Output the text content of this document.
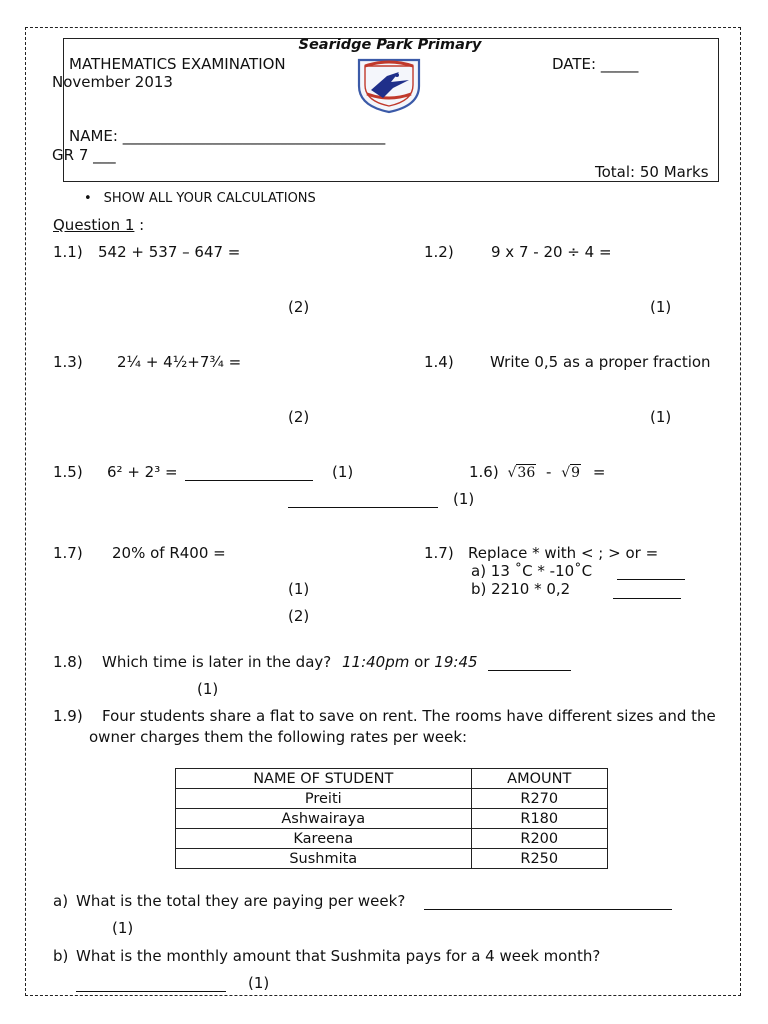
Searidge Park Primary
MATHEMATICS EXAMINATION	DATE: _____
November 2013
NAME: ___________________________________
GR 7 ___
Total: 50 Marks
• SHOW ALL YOUR CALCULATIONS
Question 1 :
1.1) 542 + 537 – 647 =	1.2) 9 x 7 - 20 ÷ 4 =
(2)	(1)
1.3) 2¼ + 4½+7¾ =	1.4) Write 0,5 as a proper fraction
(2)	(1)
1.5) 6² + 2³ =	(1)	1.6) √36 - √9 =
(1)
1.7) 20% of R400 =	1.7) Replace * with < ; > or =
a) 13 ˚C * -10˚C
b) 2210 * 0,2
(1)
(2)
1.8) Which time is later in the day? 11:40pm or 19:45
(1)
1.9) Four students share a flat to save on rent. The rooms have different sizes and the
owner charges them the following rates per week:
NAME OF STUDENT	AMOUNT
Preiti	R270
Ashwairaya	R180
Kareena	R200
Sushmita	R250
a) What is the total they are paying per week?
(1)
b) What is the monthly amount that Sushmita pays for a 4 week month?
(1)
